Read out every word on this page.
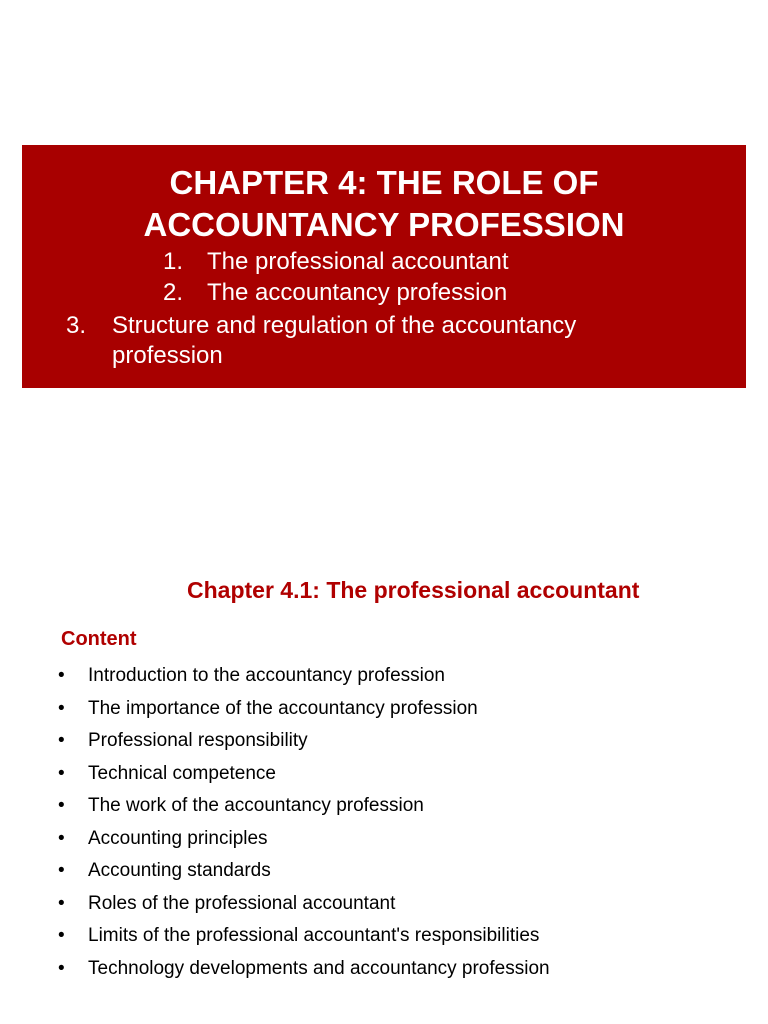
CHAPTER 4: THE ROLE OF
ACCOUNTANCY PROFESSION
1. The professional accountant
2. The accountancy profession
3. Structure and regulation of the accountancy profession
Chapter 4.1: The professional accountant
Content
• Introduction to the accountancy profession
• The importance of the accountancy profession
• Professional responsibility
• Technical competence
• The work of the accountancy profession
• Accounting principles
• Accounting standards
• Roles of the professional accountant
• Limits of the professional accountant's responsibilities
• Technology developments and accountancy profession
